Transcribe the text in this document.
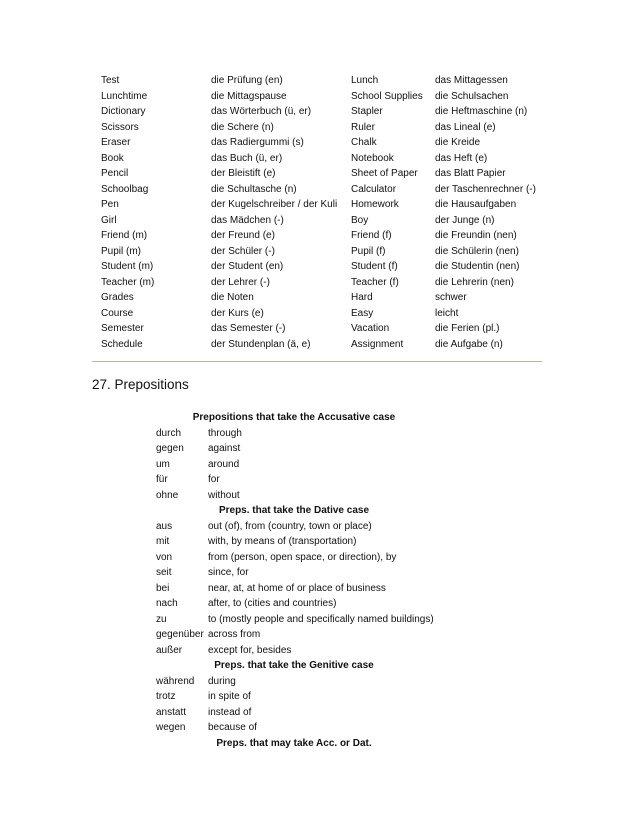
Test	die Prüfung (en)	Lunch	das Mittagessen
Lunchtime	die Mittagspause	School Supplies	die Schulsachen
Dictionary	das Wörterbuch (ü, er)	Stapler	die Heftmaschine (n)
Scissors	die Schere (n)	Ruler	das Lineal (e)
Eraser	das Radiergummi (s)	Chalk	die Kreide
Book	das Buch (ü, er)	Notebook	das Heft (e)
Pencil	der Bleistift (e)	Sheet of Paper	das Blatt Papier
Schoolbag	die Schultasche (n)	Calculator	der Taschenrechner (-)
Pen	der Kugelschreiber / der Kuli	Homework	die Hausaufgaben
Girl	das Mädchen (-)	Boy	der Junge (n)
Friend (m)	der Freund (e)	Friend (f)	die Freundin (nen)
Pupil (m)	der Schüler (-)	Pupil (f)	die Schülerin (nen)
Student (m)	der Student (en)	Student (f)	die Studentin (nen)
Teacher (m)	der Lehrer (-)	Teacher (f)	die Lehrerin (nen)
Grades	die Noten	Hard	schwer
Course	der Kurs (e)	Easy	leicht
Semester	das Semester (-)	Vacation	die Ferien (pl.)
Schedule	der Stundenplan (ä, e)	Assignment	die Aufgabe (n)
27. Prepositions
Prepositions that take the Accusative case
durch	through
gegen	against
um	around
für	for
ohne	without
Preps. that take the Dative case
aus	out (of), from (country, town or place)
mit	with, by means of (transportation)
von	from (person, open space, or direction), by
seit	since, for
bei	near, at, at home of or place of business
nach	after, to (cities and countries)
zu	to (mostly people and specifically named buildings)
gegenüber across from
außer	except for, besides
Preps. that take the Genitive case
während	during
trotz	in spite of
anstatt	instead of
wegen	because of
Preps. that may take Acc. or Dat.
